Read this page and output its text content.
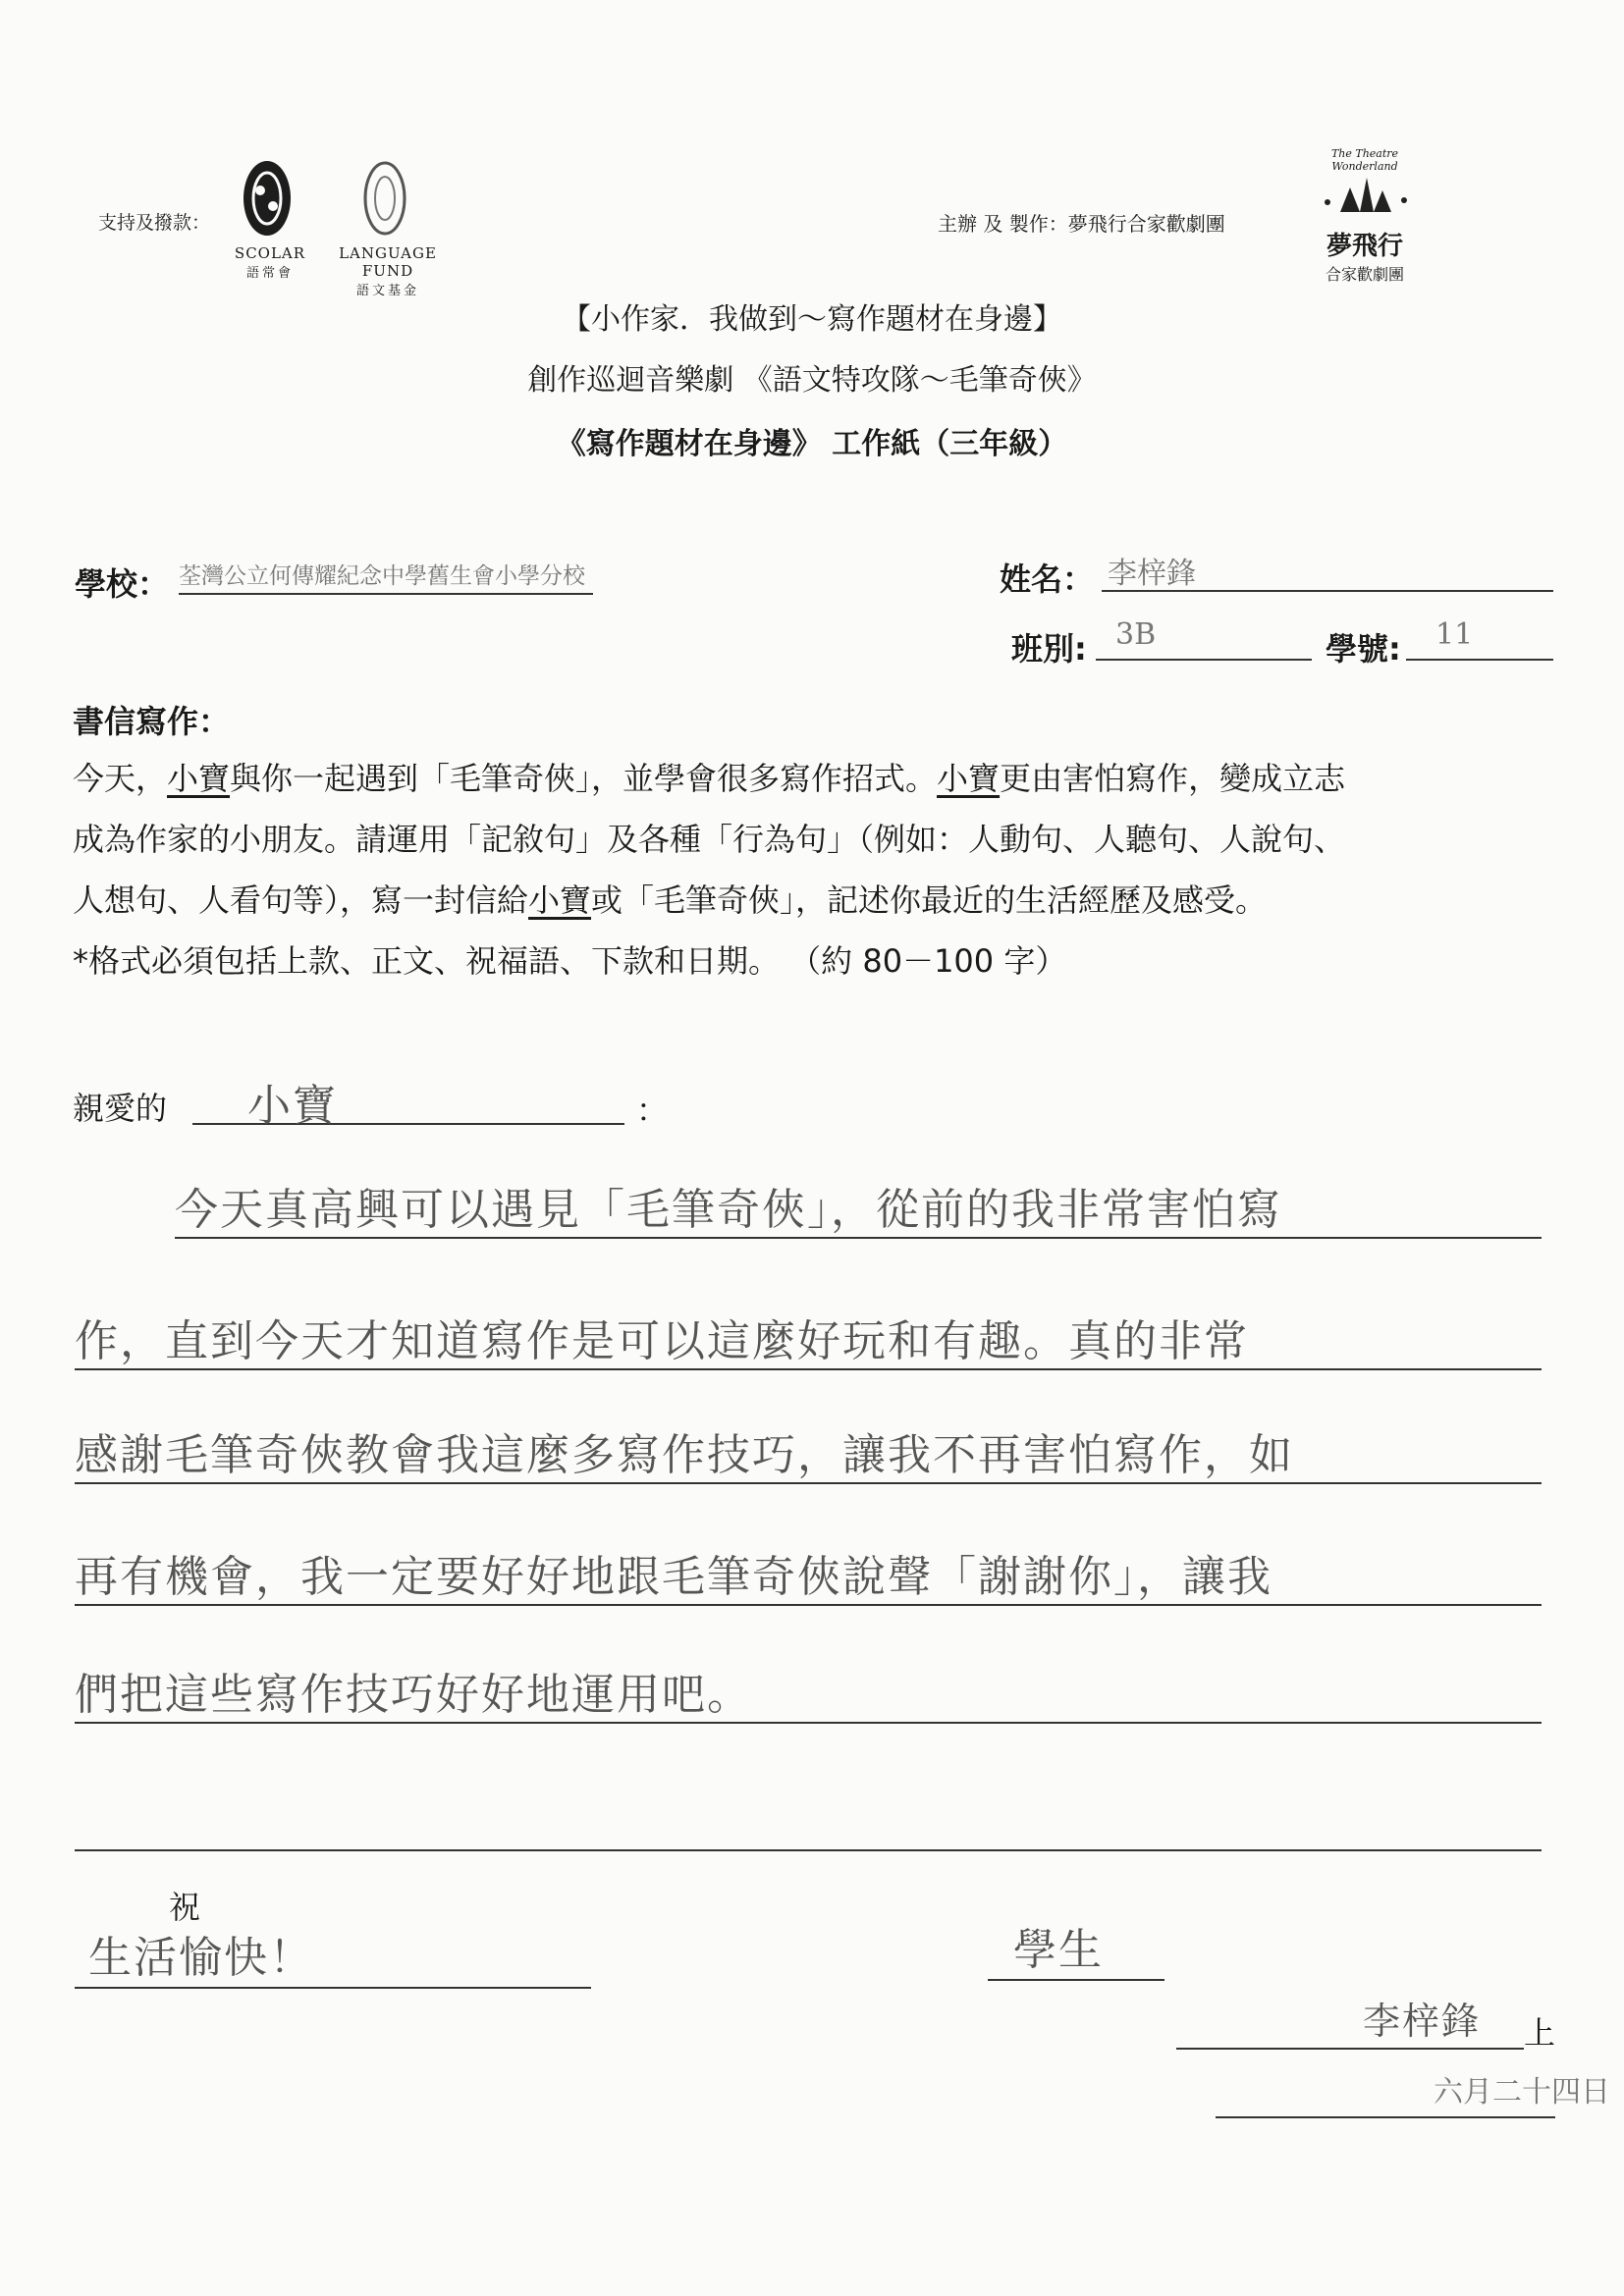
支持及撥款：
SCOLAR
語常會
LANGUAGE FUND
語文基金
主辦 及 製作：夢飛行合家歡劇團
The Theatre Wonderland
夢飛行
合家歡劇團
【小作家．我做到～寫作題材在身邊】
創作巡迴音樂劇 《語文特攻隊～毛筆奇俠》
《寫作題材在身邊》 工作紙（三年級）
學校： 荃灣公立何傳耀紀念中學舊生會小學分校	姓名： 李梓鋒
班別: 3B	學號:	11
書信寫作：
今天，小寶與你一起遇到「毛筆奇俠」，並學會很多寫作招式。小寶更由害怕寫作，變成立志
成為作家的小朋友。請運用「記敘句」及各種「行為句」（例如：人動句、人聽句、人說句、
人想句、人看句等），寫一封信給小寶或「毛筆奇俠」，記述你最近的生活經歷及感受。
*格式必須包括上款、正文、祝福語、下款和日期。 （約 80－100 字）
親愛的	小寶	：
今天真高興可以遇見「毛筆奇俠」，從前的我非常害怕寫
作，直到今天才知道寫作是可以這麼好玩和有趣。真的非常
感謝毛筆奇俠教會我這麼多寫作技巧，讓我不再害怕寫作，如
再有機會，我一定要好好地跟毛筆奇俠說聲「謝謝你」，讓我
們把這些寫作技巧好好地運用吧。
祝
生活愉快！	學生
李梓鋒	上
六月二十四日
